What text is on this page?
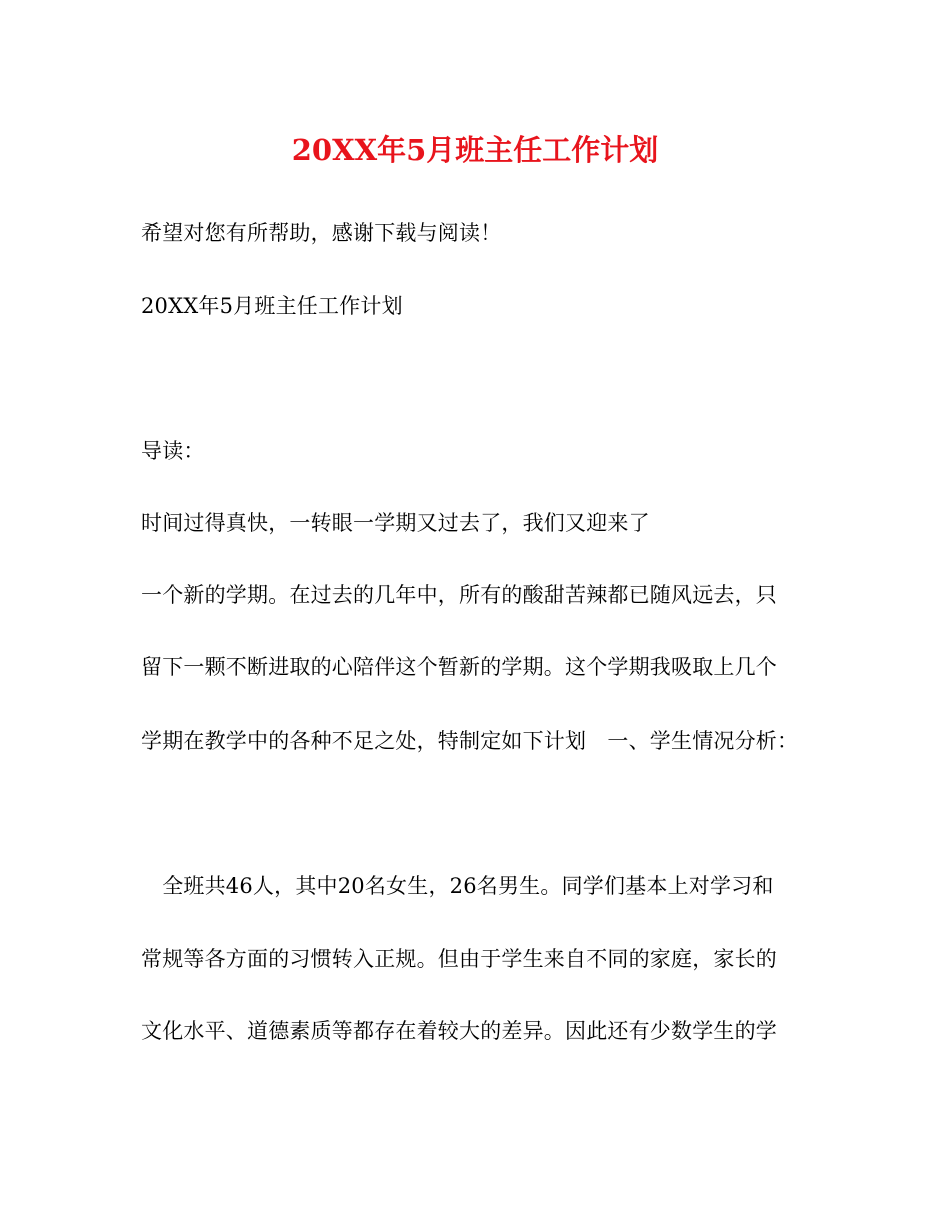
20XX年5月班主任工作计划
希望对您有所帮助，感谢下载与阅读！
20XX年5月班主任工作计划
导读：
时间过得真快，一转眼一学期又过去了，我们又迎来了
一个新的学期。在过去的几年中，所有的酸甜苦辣都已随风远去，只
留下一颗不断进取的心陪伴这个暂新的学期。这个学期我吸取上几个
学期在教学中的各种不足之处，特制定如下计划　一、学生情况分析：
　全班共46人，其中20名女生，26名男生。同学们基本上对学习和
常规等各方面的习惯转入正规。但由于学生来自不同的家庭，家长的
文化水平、道德素质等都存在着较大的差异。因此还有少数学生的学
